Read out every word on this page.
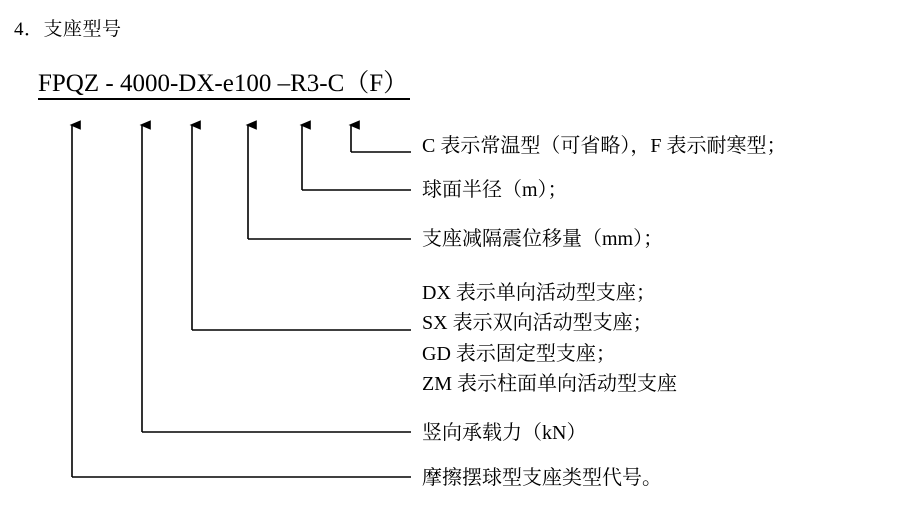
4．支座型号
FPQZ - 4000-DX-e100 –R3-C（F）
C 表示常温型（可省略），F 表示耐寒型；
球面半径（m）；
支座减隔震位移量（mm）；
DX 表示单向活动型支座；
SX 表示双向活动型支座；
GD 表示固定型支座；
ZM 表示柱面单向活动型支座
竖向承载力（kN）
摩擦摆球型支座类型代号。
